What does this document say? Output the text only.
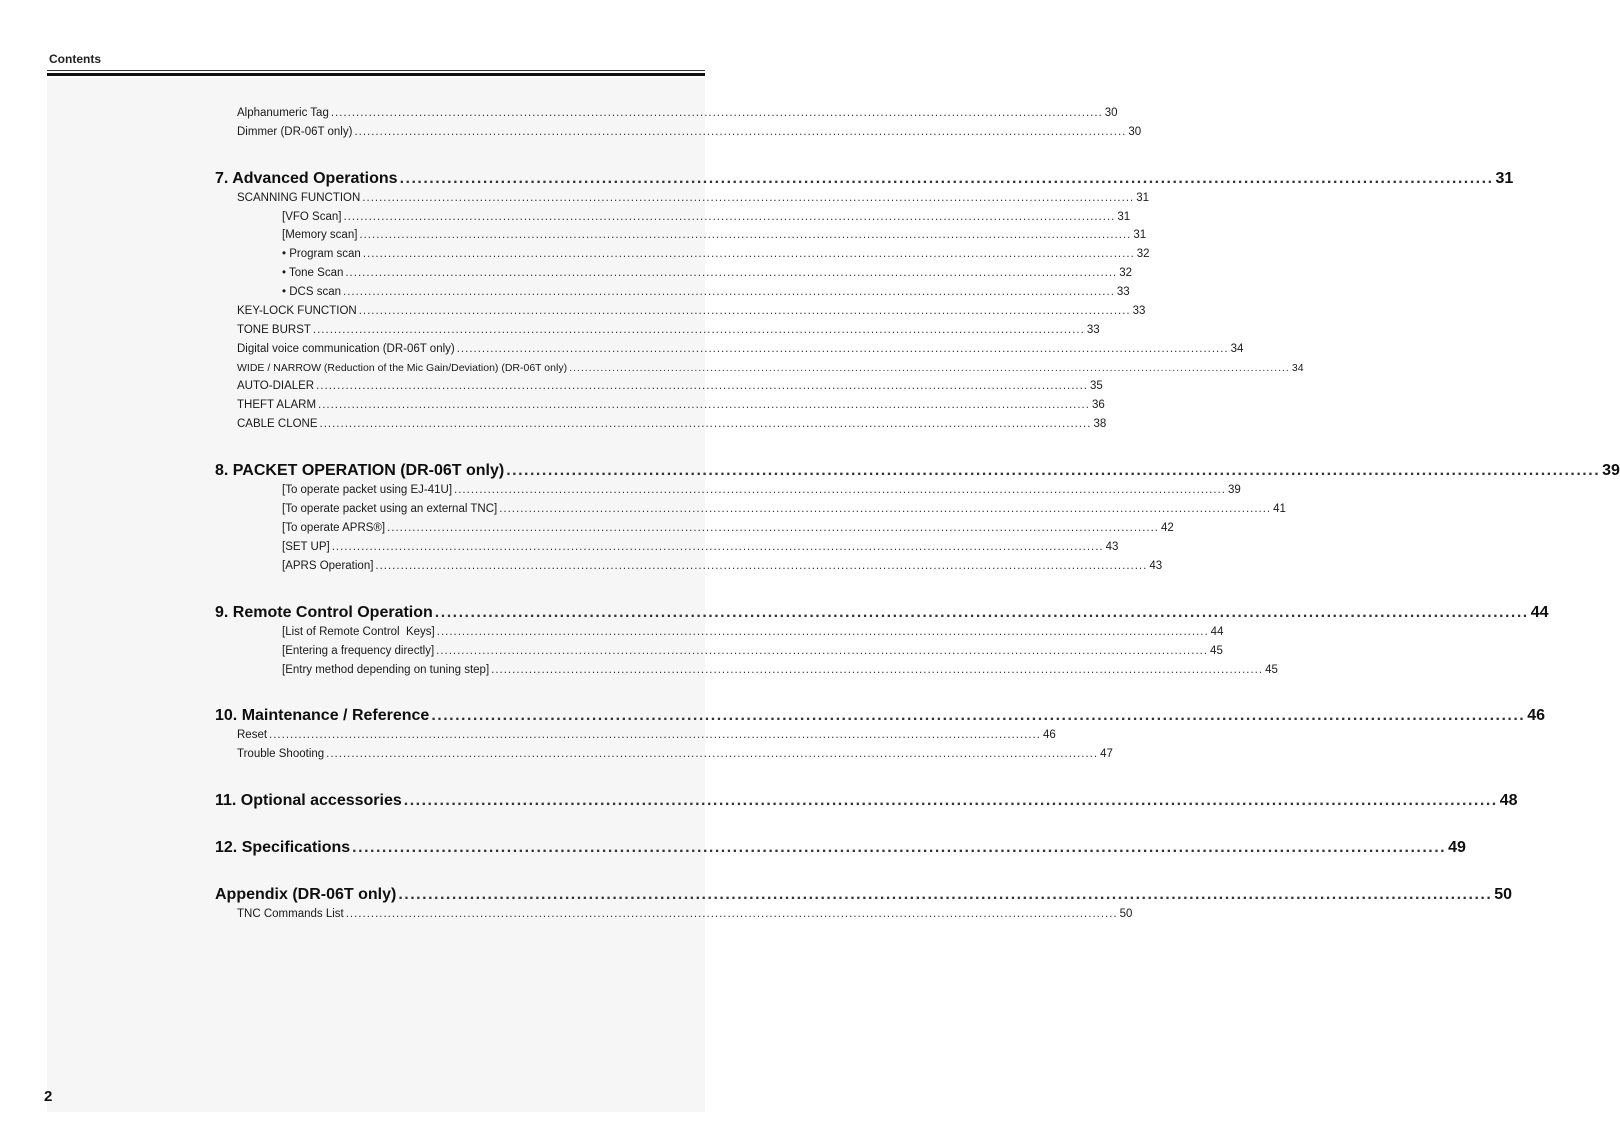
Contents
Alphanumeric Tag ........................................................................................................................................................................................ 30
Dimmer (DR-06T only) ........................................................................................................................................................................................ 30
7. Advanced Operations ........................................................................................................................................................................................ 31
SCANNING FUNCTION ........................................................................................................................................................................................ 31
[VFO Scan] ........................................................................................................................................................................................ 31
[Memory scan] ........................................................................................................................................................................................ 31
• Program scan ........................................................................................................................................................................................ 32
• Tone Scan ........................................................................................................................................................................................ 32
• DCS scan ........................................................................................................................................................................................ 33
KEY-LOCK FUNCTION ........................................................................................................................................................................................ 33
TONE BURST ........................................................................................................................................................................................ 33
Digital voice communication (DR-06T only) ........................................................................................................................................................................................ 34
WIDE / NARROW (Reduction of the Mic Gain/Deviation) (DR-06T only) ........................................................................................................................................................................................ 34
AUTO-DIALER ........................................................................................................................................................................................ 35
THEFT ALARM ........................................................................................................................................................................................ 36
CABLE CLONE ........................................................................................................................................................................................ 38
8. PACKET OPERATION (DR-06T only) ........................................................................................................................................................................................ 39
[To operate packet using EJ-41U] ........................................................................................................................................................................................ 39
[To operate packet using an external TNC] ........................................................................................................................................................................................ 41
[To operate APRS®] ........................................................................................................................................................................................ 42
[SET UP] ........................................................................................................................................................................................ 43
[APRS Operation] ........................................................................................................................................................................................ 43
9. Remote Control Operation ........................................................................................................................................................................................ 44
[List of Remote Control  Keys] ........................................................................................................................................................................................ 44
[Entering a frequency directly] ........................................................................................................................................................................................ 45
[Entry method depending on tuning step] ........................................................................................................................................................................................ 45
10. Maintenance / Reference ........................................................................................................................................................................................ 46
Reset ........................................................................................................................................................................................ 46
Trouble Shooting ........................................................................................................................................................................................ 47
11. Optional accessories ........................................................................................................................................................................................ 48
12. Specifications ........................................................................................................................................................................................ 49
Appendix (DR-06T only) ........................................................................................................................................................................................ 50
TNC Commands List ........................................................................................................................................................................................ 50
2
